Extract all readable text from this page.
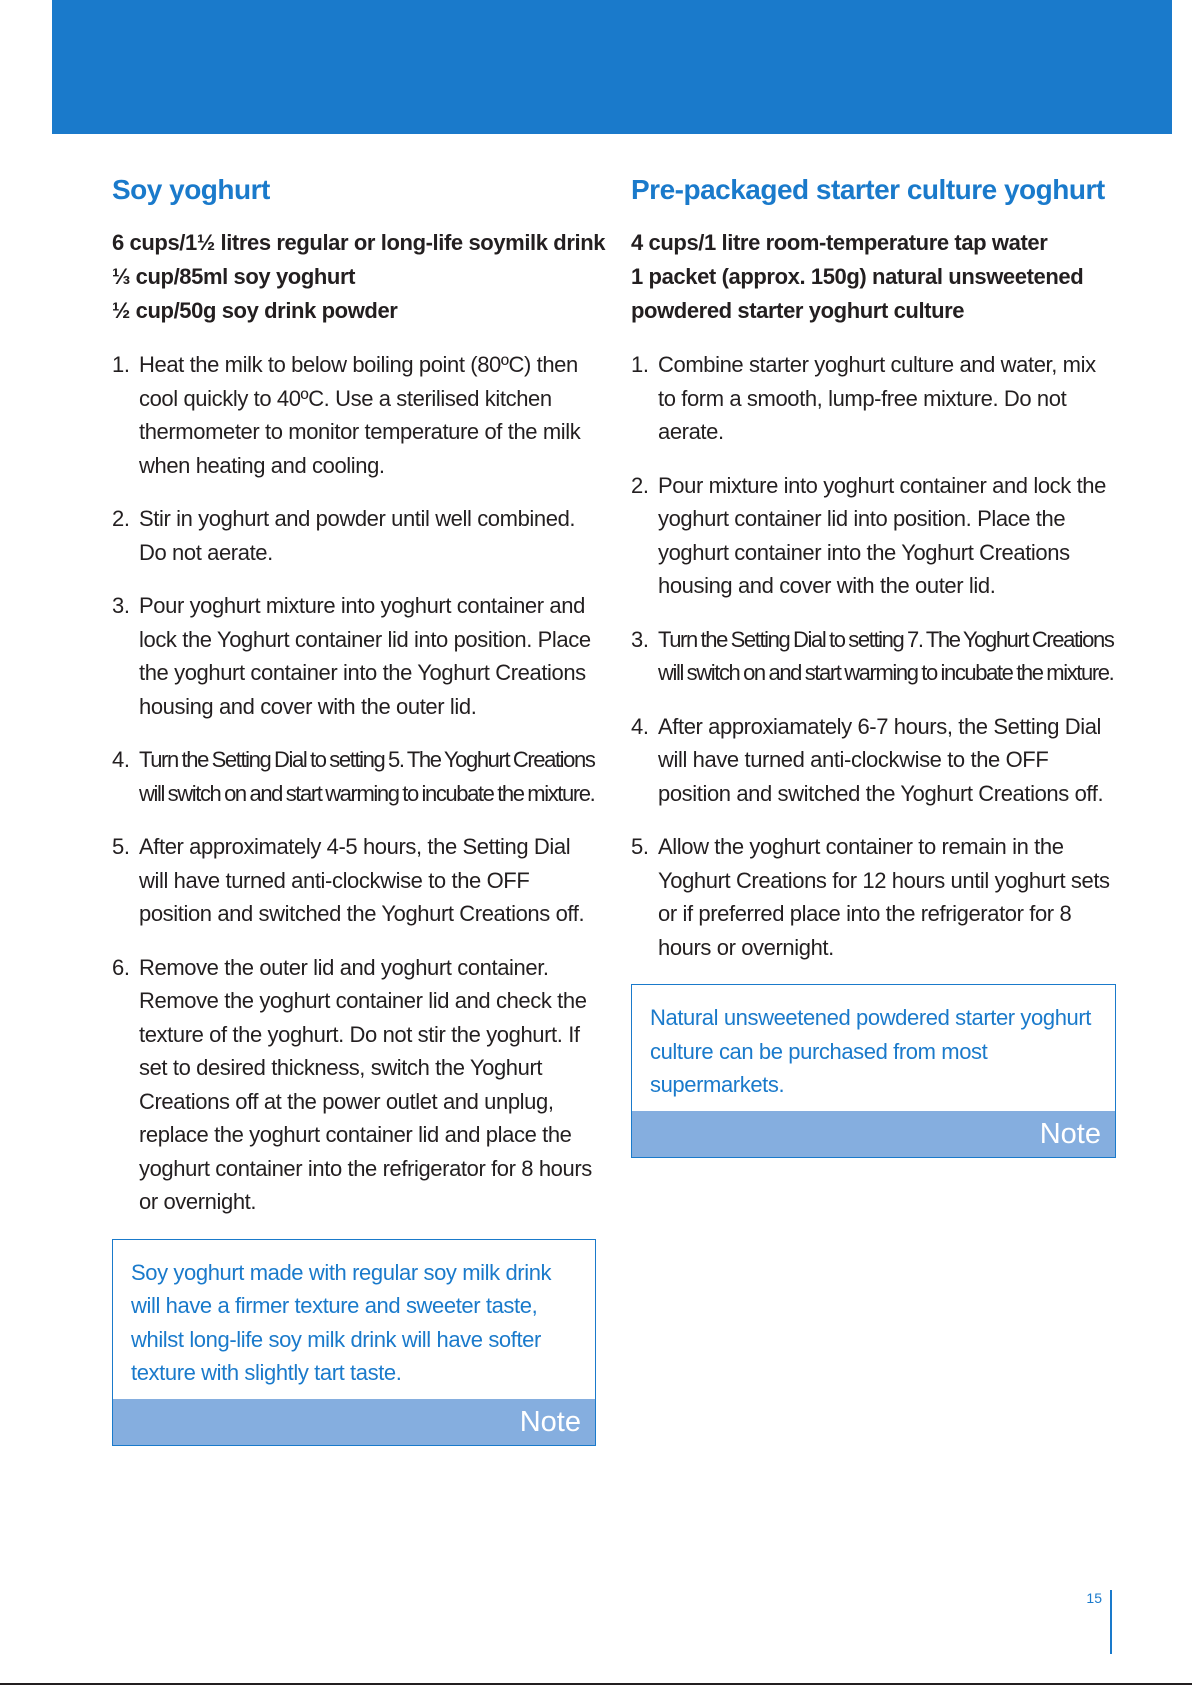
Soy yoghurt
6 cups/1½ litres regular or long-life soymilk drink
⅓ cup/85ml soy yoghurt
½ cup/50g soy drink powder
1. Heat the milk to below boiling point (80ºC) then cool quickly to 40ºC. Use a sterilised kitchen thermometer to monitor temperature of the milk when heating and cooling.
2. Stir in yoghurt and powder until well combined. Do not aerate.
3. Pour yoghurt mixture into yoghurt container and lock the Yoghurt container lid into position. Place the yoghurt container into the Yoghurt Creations housing and cover with the outer lid.
4. Turn the Setting Dial to setting 5. The Yoghurt Creations will switch on and start warming to incubate the mixture.
5. After approximately 4-5 hours, the Setting Dial will have turned anti-clockwise to the OFF position and switched the Yoghurt Creations off.
6. Remove the outer lid and yoghurt container. Remove the yoghurt container lid and check the texture of the yoghurt. Do not stir the yoghurt. If set to desired thickness, switch the Yoghurt Creations off at the power outlet and unplug, replace the yoghurt container lid and place the yoghurt container into the refrigerator for 8 hours or overnight.
Soy yoghurt made with regular soy milk drink will have a firmer texture and sweeter taste, whilst long-life soy milk drink will have softer texture with slightly tart taste.
Note
Pre-packaged starter culture yoghurt
4 cups/1 litre room-temperature tap water
1 packet (approx. 150g) natural unsweetened powdered starter yoghurt culture
1. Combine starter yoghurt culture and water, mix to form a smooth, lump-free mixture. Do not aerate.
2. Pour mixture into yoghurt container and lock the yoghurt container lid into position. Place the yoghurt container into the Yoghurt Creations housing and cover with the outer lid.
3. Turn the Setting Dial to setting 7. The Yoghurt Creations will switch on and start warming to incubate the mixture.
4. After approxiamately 6-7 hours, the Setting Dial will have turned anti-clockwise to the OFF position and switched the Yoghurt Creations off.
5. Allow the yoghurt container to remain in the Yoghurt Creations for 12 hours until yoghurt sets or if preferred place into the refrigerator for 8 hours or overnight.
Natural unsweetened powdered starter yoghurt culture can be purchased from most supermarkets.
Note
15
